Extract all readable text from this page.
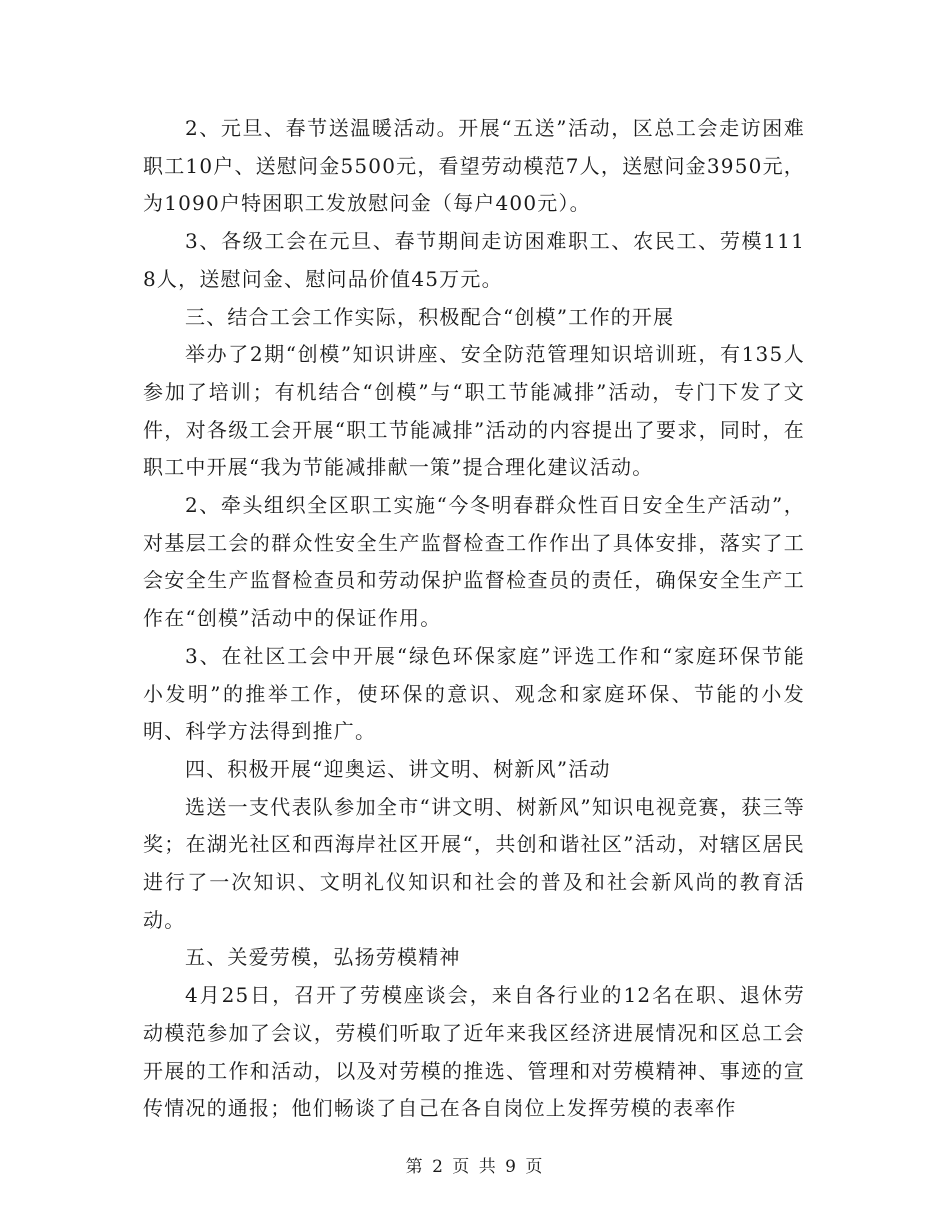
2、元旦、春节送温暖活动。开展“五送”活动，区总工会走访困难职工10户、送慰问金5500元，看望劳动模范7人，送慰问金3950元，为1090户特困职工发放慰问金（每户400元）。

3、各级工会在元旦、春节期间走访困难职工、农民工、劳模1118人，送慰问金、慰问品价值45万元。

三、结合工会工作实际，积极配合“创模”工作的开展

举办了2期“创模”知识讲座、安全防范管理知识培训班，有135人参加了培训；有机结合“创模”与“职工节能减排”活动，专门下发了文件，对各级工会开展“职工节能减排”活动的内容提出了要求，同时，在职工中开展“我为节能减排献一策”提合理化建议活动。

2、牵头组织全区职工实施“今冬明春群众性百日安全生产活动”，对基层工会的群众性安全生产监督检查工作作出了具体安排，落实了工会安全生产监督检查员和劳动保护监督检查员的责任，确保安全生产工作在“创模”活动中的保证作用。

3、在社区工会中开展“绿色环保家庭”评选工作和“家庭环保节能小发明”的推举工作，使环保的意识、观念和家庭环保、节能的小发明、科学方法得到推广。

四、积极开展“迎奥运、讲文明、树新风”活动

选送一支代表队参加全市“讲文明、树新风”知识电视竞赛，获三等奖；在湖光社区和西海岸社区开展“，共创和谐社区”活动，对辖区居民进行了一次知识、文明礼仪知识和社会的普及和社会新风尚的教育活动。

五、关爱劳模，弘扬劳模精神

4月25日，召开了劳模座谈会，来自各行业的12名在职、退休劳动模范参加了会议，劳模们听取了近年来我区经济进展情况和区总工会开展的工作和活动，以及对劳模的推选、管理和对劳模精神、事迹的宣传情况的通报；他们畅谈了自己在各自岗位上发挥劳模的表率作

第 2 页 共 9 页
